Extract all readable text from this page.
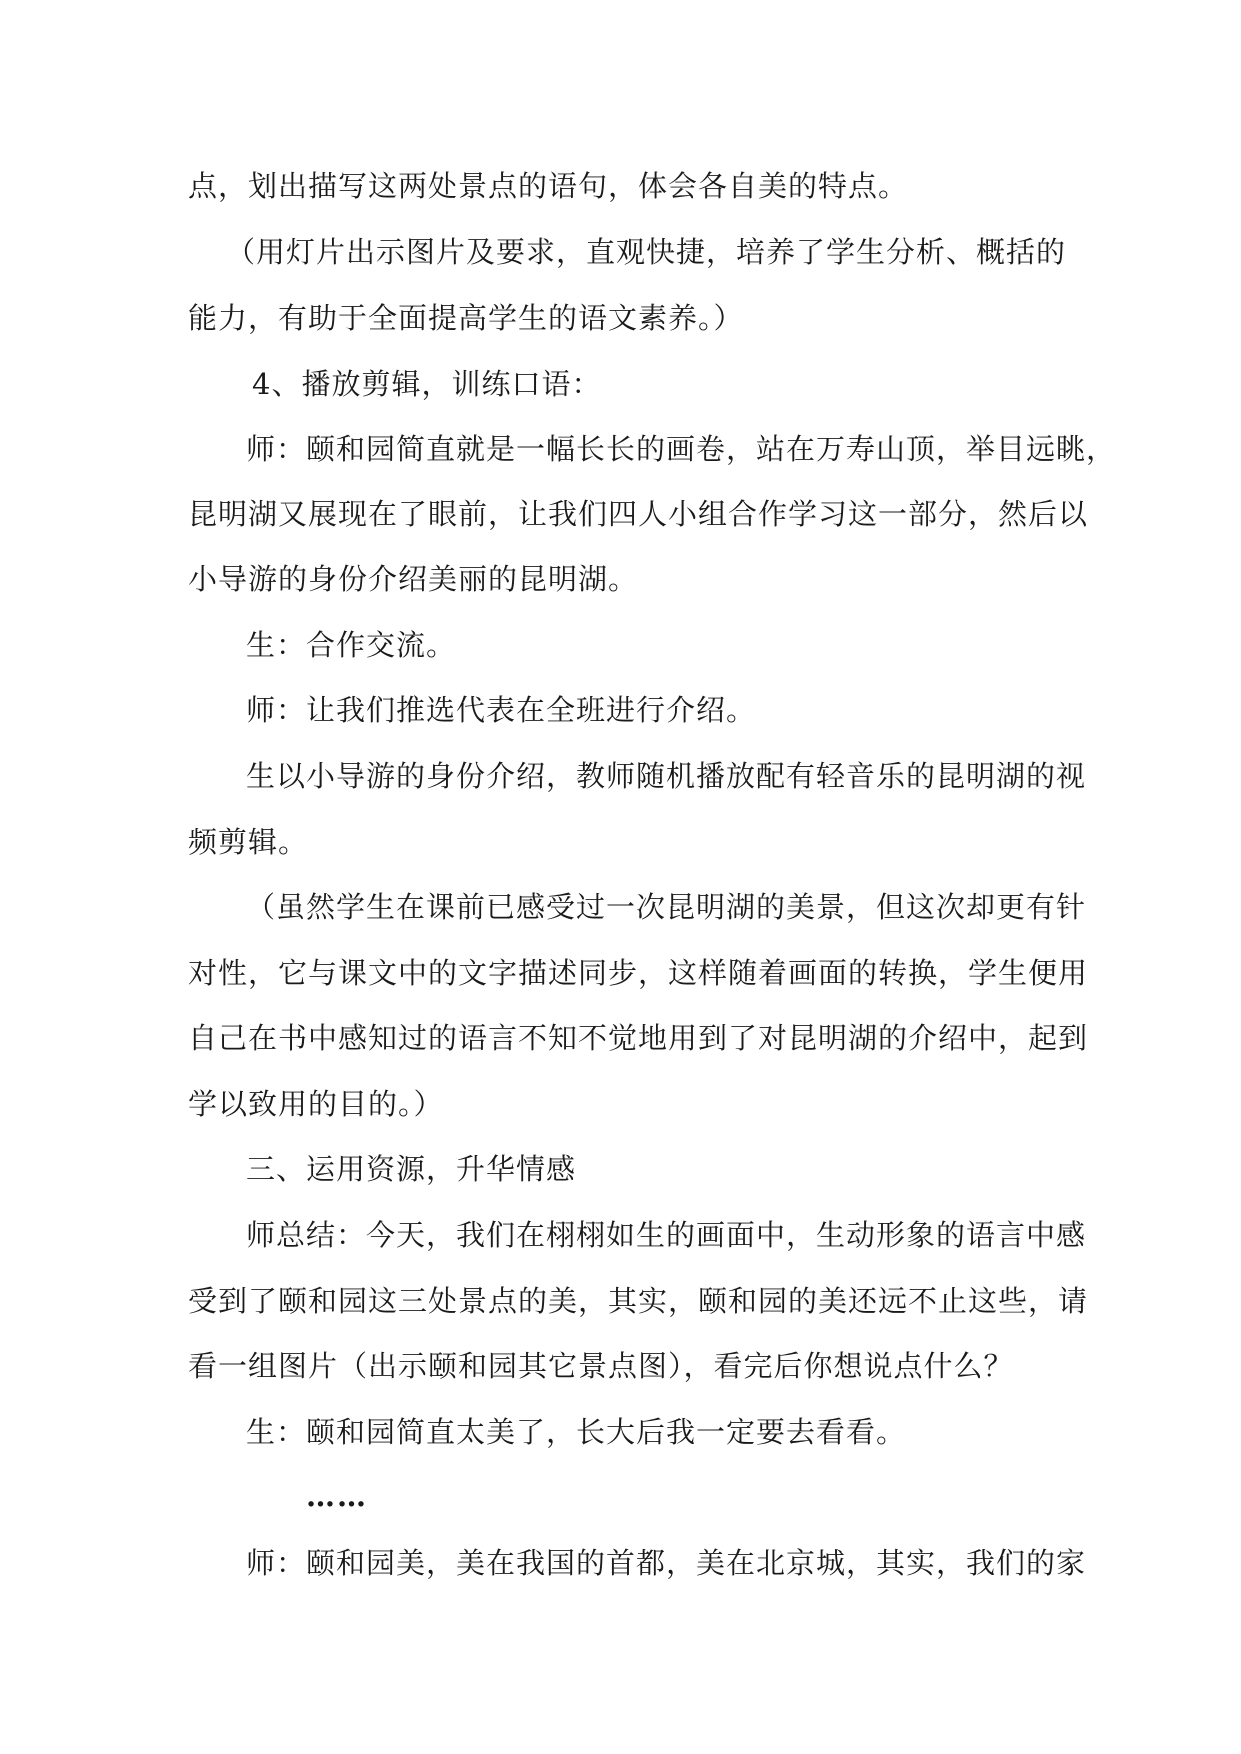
点，划出描写这两处景点的语句，体会各自美的特点。
（用灯片出示图片及要求，直观快捷，培养了学生分析、概括的
能力，有助于全面提高学生的语文素养。）
4、播放剪辑，训练口语：
师：颐和园简直就是一幅长长的画卷，站在万寿山顶，举目远眺，
昆明湖又展现在了眼前，让我们四人小组合作学习这一部分，然后以
小导游的身份介绍美丽的昆明湖。
生：合作交流。
师：让我们推选代表在全班进行介绍。
生以小导游的身份介绍，教师随机播放配有轻音乐的昆明湖的视
频剪辑。
（虽然学生在课前已感受过一次昆明湖的美景，但这次却更有针
对性，它与课文中的文字描述同步，这样随着画面的转换，学生便用
自己在书中感知过的语言不知不觉地用到了对昆明湖的介绍中，起到
学以致用的目的。）
三、运用资源，升华情感
师总结：今天，我们在栩栩如生的画面中，生动形象的语言中感
受到了颐和园这三处景点的美，其实，颐和园的美还远不止这些，请
看一组图片（出示颐和园其它景点图），看完后你想说点什么？
生：颐和园简直太美了，长大后我一定要去看看。
……
师：颐和园美，美在我国的首都，美在北京城，其实，我们的家
